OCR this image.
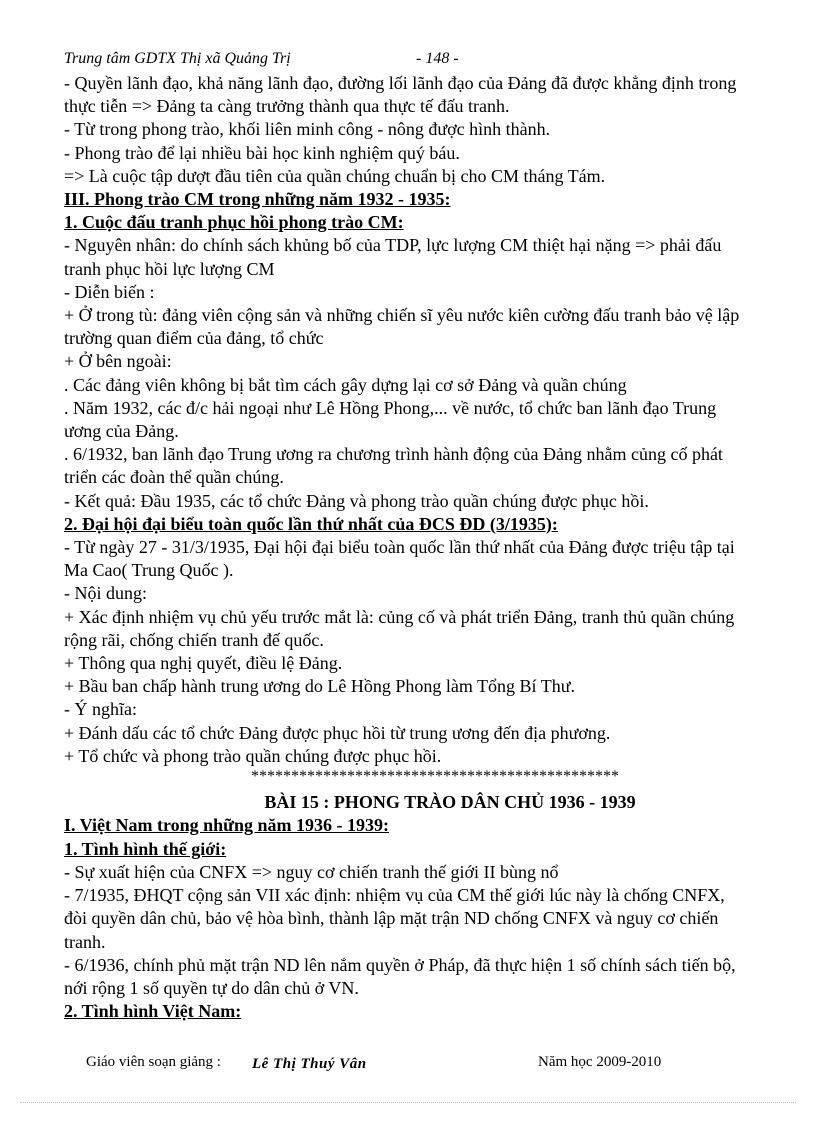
Trung tâm GDTX Thị xã Quảng Trị	- 148 -

- Quyền lãnh đạo, khả năng lãnh đạo, đường lối lãnh đạo của Đảng đã được khẳng định trong

thực tiễn => Đảng ta càng trưởng thành qua thực tế đấu tranh.

- Từ trong phong trào, khối liên minh công - nông được hình thành.

- Phong trào để lại nhiều bài học kinh nghiệm quý báu.

=> Là cuộc tập dượt đầu tiên của quần chúng chuẩn bị cho CM tháng Tám.

III. Phong trào CM trong những năm 1932 - 1935:

1. Cuộc đấu tranh phục hồi phong trào CM:

- Nguyên nhân: do chính sách khủng bố của TDP, lực lượng CM thiệt hại nặng => phải đấu

tranh phục hồi lực lượng CM

- Diễn biến :

+ Ở trong tù: đảng viên cộng sản và những chiến sĩ yêu nước kiên cường đấu tranh bảo vệ lập

trường quan điểm của đảng, tổ chức

+ Ở bên ngoài:

. Các đảng viên không bị bắt tìm cách gây dựng lại cơ sở Đảng và quần chúng

. Năm 1932, các đ/c hải ngoại như Lê Hồng Phong,... về nước, tổ chức ban lãnh đạo Trung

ương của Đảng.

. 6/1932, ban lãnh đạo Trung ương ra chương trình hành động của Đảng nhằm củng cố phát

triển các đoàn thể quần chúng.

- Kết quả: Đầu 1935, các tổ chức Đảng và phong trào quần chúng được phục hồi.

2. Đại hội đại biểu toàn quốc lần thứ nhất của ĐCS ĐD (3/1935):

- Từ ngày 27 - 31/3/1935, Đại hội đại biểu toàn quốc lần thứ nhất của Đảng được triệu tập tại

Ma Cao( Trung Quốc ).

- Nội dung:

+ Xác định nhiệm vụ chủ yếu trước mắt là: củng cố và phát triển Đảng, tranh thủ quần chúng

rộng rãi, chống chiến tranh đế quốc.

+ Thông qua nghị quyết, điều lệ Đảng.

+ Bầu ban chấp hành trung ương do Lê Hồng Phong làm Tổng Bí Thư.

- Ý nghĩa:

+ Đánh dấu các tổ chức Đảng được phục hồi từ trung ương đến địa phương.

+ Tổ chức và phong trào quần chúng được phục hồi.

**********************************************

BÀI 15 : PHONG TRÀO DÂN CHỦ 1936 - 1939

I. Việt Nam trong những năm 1936 - 1939:

1. Tình hình thế giới:

- Sự xuất hiện của CNFX => nguy cơ chiến tranh thế giới II bùng nổ

- 7/1935, ĐHQT cộng sản VII xác định: nhiệm vụ của CM thế giới lúc này là chống CNFX,

đòi quyền dân chủ, bảo vệ hòa bình, thành lập mặt trận ND chống CNFX và nguy cơ chiến

tranh.

- 6/1936, chính phủ mặt trận ND lên nắm quyền ở Pháp, đã thực hiện 1 số chính sách tiến bộ,

nới rộng 1 số quyền tự do dân chủ ở VN.

2. Tình hình Việt Nam:

Giáo viên soạn giảng : Lê Thị Thuý Vân	Năm học 2009-2010
